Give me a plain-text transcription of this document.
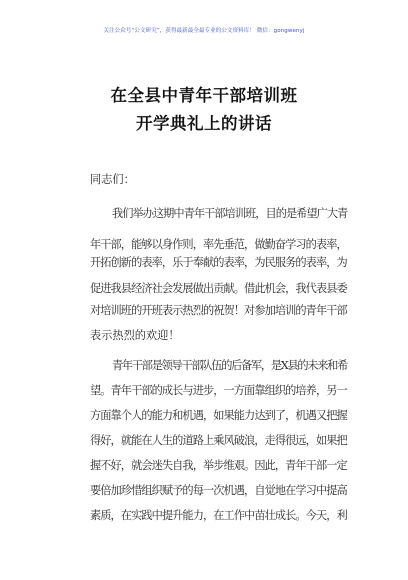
关注公众号“公文研究”，获得最新最全最专业的公文资料库！ 微信：gongwenyj
在全县中青年干部培训班
开学典礼上的讲话
同志们：
我们举办这期中青年干部培训班，目的是希望广大青
年干部，能够以身作则，率先垂范，做勤奋学习的表率，
开拓创新的表率，乐于奉献的表率，为民服务的表率，为
促进我县经济社会发展做出贡献。借此机会，我代表县委
对培训班的开班表示热烈的祝贺！对参加培训的青年干部
表示热烈的欢迎！
青年干部是领导干部队伍的后备军，是X县的未来和希
望。青年干部的成长与进步，一方面靠组织的培养，另一
方面靠个人的能力和机遇，如果能力达到了，机遇又把握
得好，就能在人生的道路上乘风破浪，走得很远，如果把
握不好，就会迷失自我，举步维艰。因此，青年干部一定
要倍加珍惜组织赋予的每一次机遇，自觉地在学习中提高
素质，在实践中提升能力，在工作中苗壮成长。今天，利
